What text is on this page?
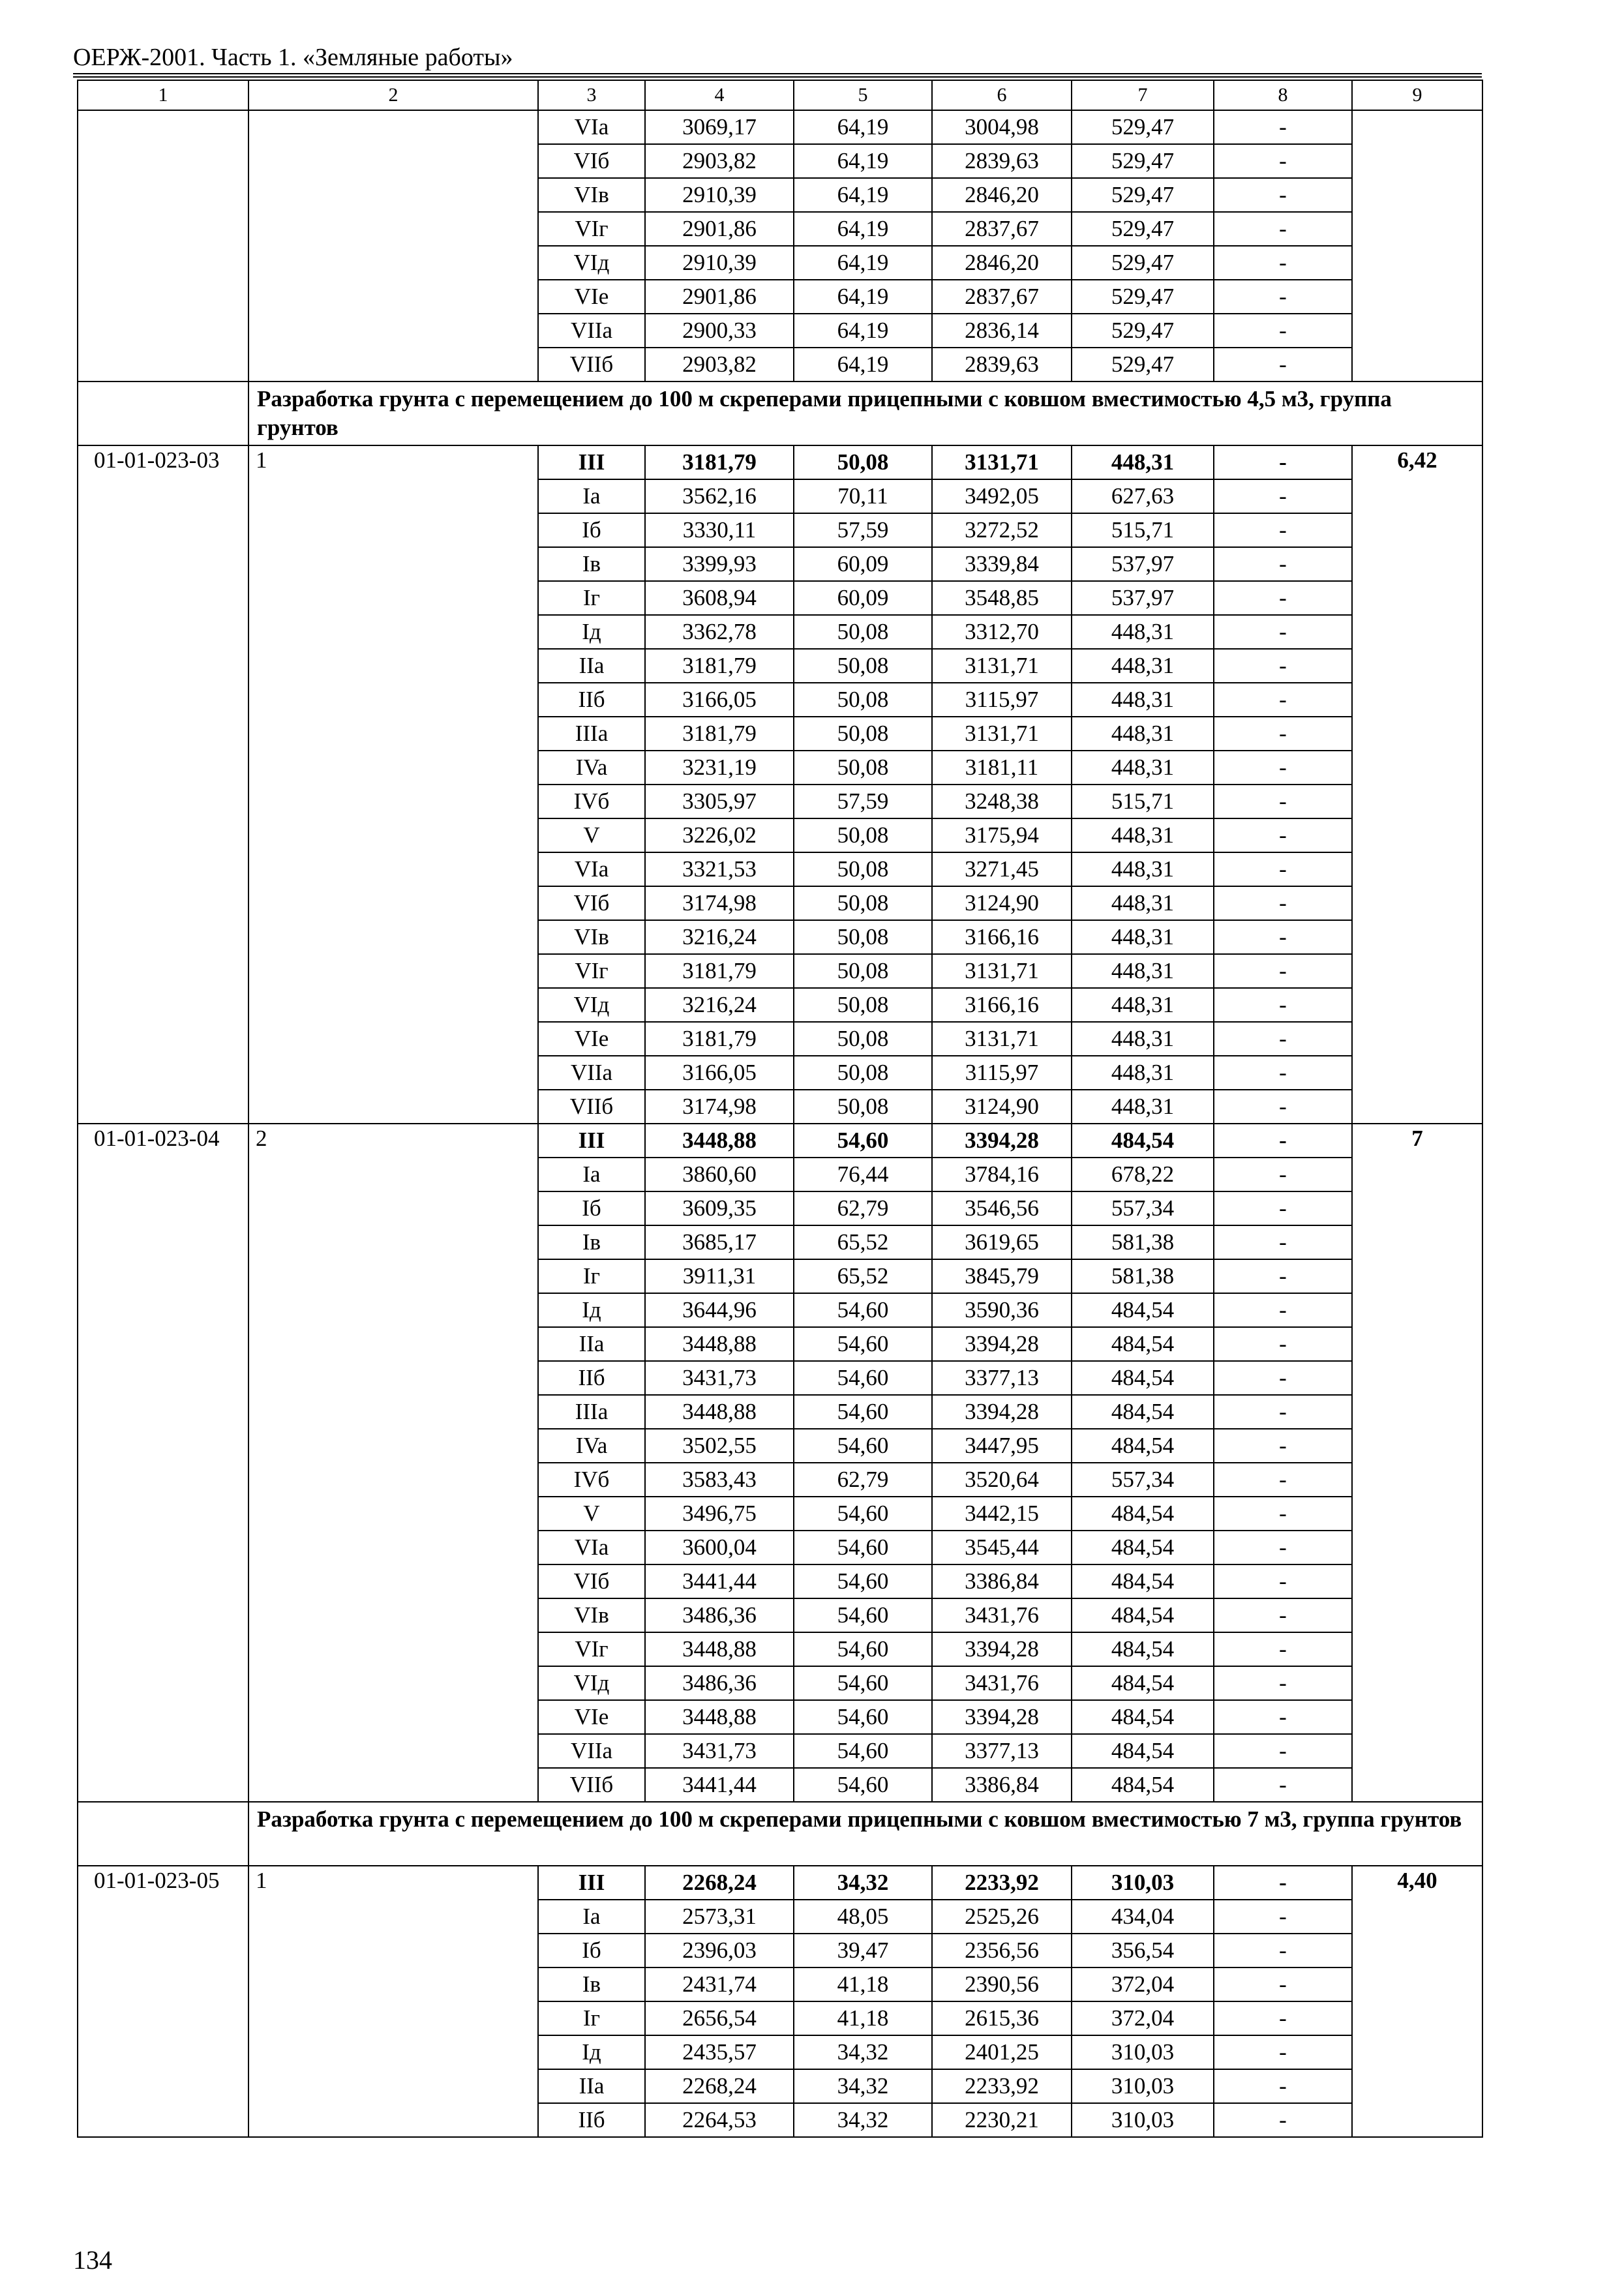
ОЕРЖ-2001. Часть 1. «Земляные работы»
1	2	3	4	5	6	7	8	9
		VIa	3069,17	64,19	3004,98	529,47	-	
		VIб	2903,82	64,19	2839,63	529,47	-	
		VIв	2910,39	64,19	2846,20	529,47	-	
		VIг	2901,86	64,19	2837,67	529,47	-	
		VIд	2910,39	64,19	2846,20	529,47	-	
		VIe	2901,86	64,19	2837,67	529,47	-	
		VIIa	2900,33	64,19	2836,14	529,47	-	
		VIIб	2903,82	64,19	2839,63	529,47	-	
	Разработка грунта с перемещением до 100 м скреперами прицепными с ковшом вместимостью 4,5 м3, группа грунтов							
01-01-023-03	1	III	3181,79	50,08	3131,71	448,31	-	6,42
		Ia	3562,16	70,11	3492,05	627,63	-	
		Iб	3330,11	57,59	3272,52	515,71	-	
		Iв	3399,93	60,09	3339,84	537,97	-	
		Iг	3608,94	60,09	3548,85	537,97	-	
		Iд	3362,78	50,08	3312,70	448,31	-	
		IIa	3181,79	50,08	3131,71	448,31	-	
		IIб	3166,05	50,08	3115,97	448,31	-	
		IIIa	3181,79	50,08	3131,71	448,31	-	
		IVa	3231,19	50,08	3181,11	448,31	-	
		IVб	3305,97	57,59	3248,38	515,71	-	
		V	3226,02	50,08	3175,94	448,31	-	
		VIa	3321,53	50,08	3271,45	448,31	-	
		VIб	3174,98	50,08	3124,90	448,31	-	
		VIв	3216,24	50,08	3166,16	448,31	-	
		VIг	3181,79	50,08	3131,71	448,31	-	
		VIд	3216,24	50,08	3166,16	448,31	-	
		VIe	3181,79	50,08	3131,71	448,31	-	
		VIIa	3166,05	50,08	3115,97	448,31	-	
		VIIб	3174,98	50,08	3124,90	448,31	-	
01-01-023-04	2	III	3448,88	54,60	3394,28	484,54	-	7
		Ia	3860,60	76,44	3784,16	678,22	-	
		Iб	3609,35	62,79	3546,56	557,34	-	
		Iв	3685,17	65,52	3619,65	581,38	-	
		Iг	3911,31	65,52	3845,79	581,38	-	
		Iд	3644,96	54,60	3590,36	484,54	-	
		IIa	3448,88	54,60	3394,28	484,54	-	
		IIб	3431,73	54,60	3377,13	484,54	-	
		IIIa	3448,88	54,60	3394,28	484,54	-	
		IVa	3502,55	54,60	3447,95	484,54	-	
		IVб	3583,43	62,79	3520,64	557,34	-	
		V	3496,75	54,60	3442,15	484,54	-	
		VIa	3600,04	54,60	3545,44	484,54	-	
		VIб	3441,44	54,60	3386,84	484,54	-	
		VIв	3486,36	54,60	3431,76	484,54	-	
		VIг	3448,88	54,60	3394,28	484,54	-	
		VIд	3486,36	54,60	3431,76	484,54	-	
		VIe	3448,88	54,60	3394,28	484,54	-	
		VIIa	3431,73	54,60	3377,13	484,54	-	
		VIIб	3441,44	54,60	3386,84	484,54	-	
	Разработка грунта с перемещением до 100 м скреперами прицепными с ковшом вместимостью 7 м3, группа грунтов							
01-01-023-05	1	III	2268,24	34,32	2233,92	310,03	-	4,40
		Ia	2573,31	48,05	2525,26	434,04	-	
		Iб	2396,03	39,47	2356,56	356,54	-	
		Iв	2431,74	41,18	2390,56	372,04	-	
		Iг	2656,54	41,18	2615,36	372,04	-	
		Iд	2435,57	34,32	2401,25	310,03	-	
		IIa	2268,24	34,32	2233,92	310,03	-	
		IIб	2264,53	34,32	2230,21	310,03	-	
134
